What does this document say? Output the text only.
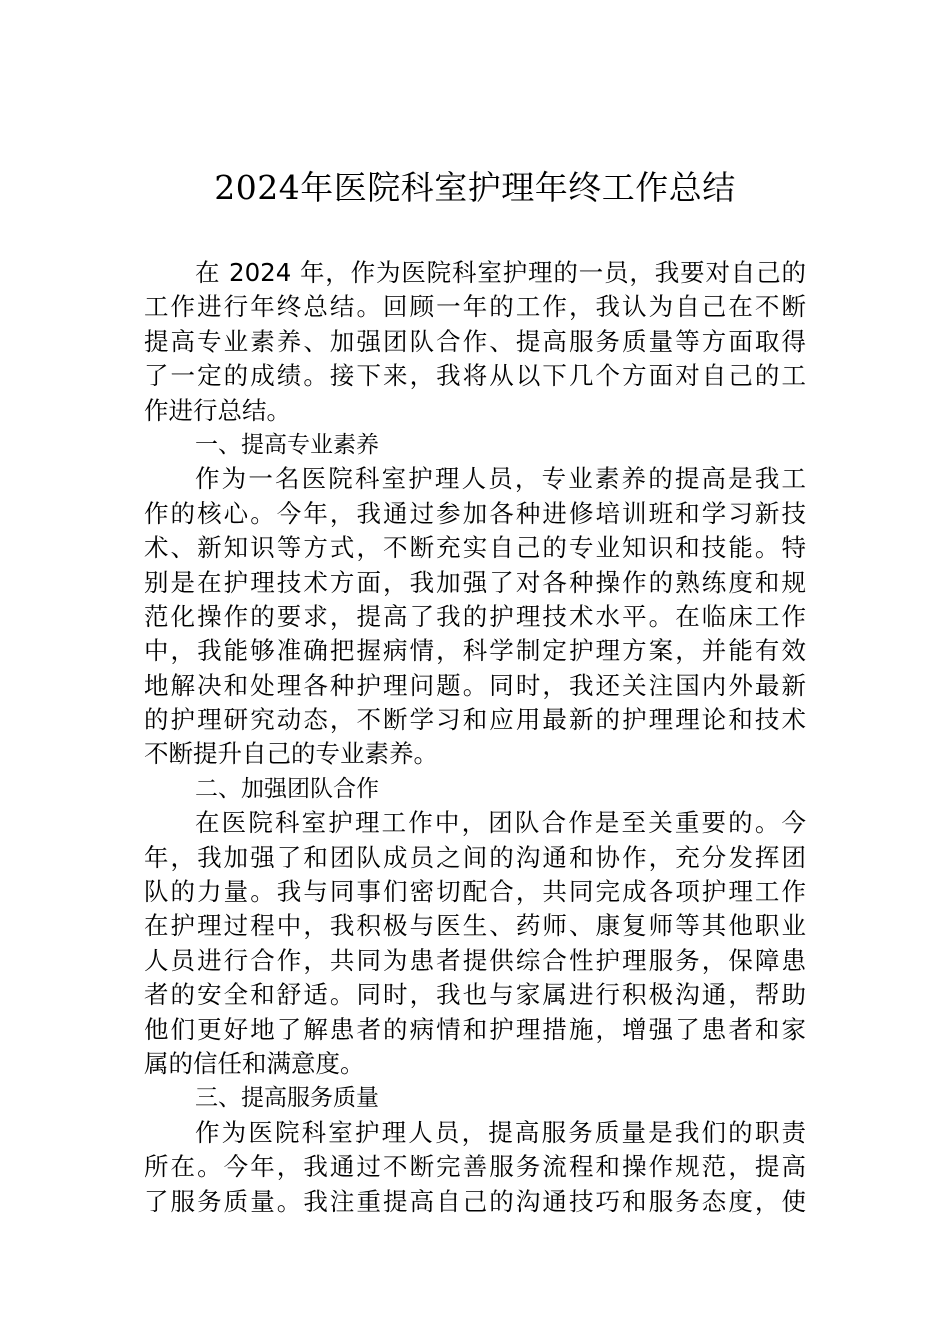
2024年医院科室护理年终工作总结
在 2024 年，作为医院科室护理的一员，我要对自己的
工作进行年终总结。回顾一年的工作，我认为自己在不断
提高专业素养、加强团队合作、提高服务质量等方面取得
了一定的成绩。接下来，我将从以下几个方面对自己的工
作进行总结。
一、提高专业素养
作为一名医院科室护理人员，专业素养的提高是我工
作的核心。今年，我通过参加各种进修培训班和学习新技
术、新知识等方式，不断充实自己的专业知识和技能。特
别是在护理技术方面，我加强了对各种操作的熟练度和规
范化操作的要求，提高了我的护理技术水平。在临床工作
中，我能够准确把握病情，科学制定护理方案，并能有效
地解决和处理各种护理问题。同时，我还关注国内外最新
的护理研究动态，不断学习和应用最新的护理理论和技术
不断提升自己的专业素养。
二、加强团队合作
在医院科室护理工作中，团队合作是至关重要的。今
年，我加强了和团队成员之间的沟通和协作，充分发挥团
队的力量。我与同事们密切配合，共同完成各项护理工作
在护理过程中，我积极与医生、药师、康复师等其他职业
人员进行合作，共同为患者提供综合性护理服务，保障患
者的安全和舒适。同时，我也与家属进行积极沟通，帮助
他们更好地了解患者的病情和护理措施，增强了患者和家
属的信任和满意度。
三、提高服务质量
作为医院科室护理人员，提高服务质量是我们的职责
所在。今年，我通过不断完善服务流程和操作规范，提高
了服务质量。我注重提高自己的沟通技巧和服务态度，使
